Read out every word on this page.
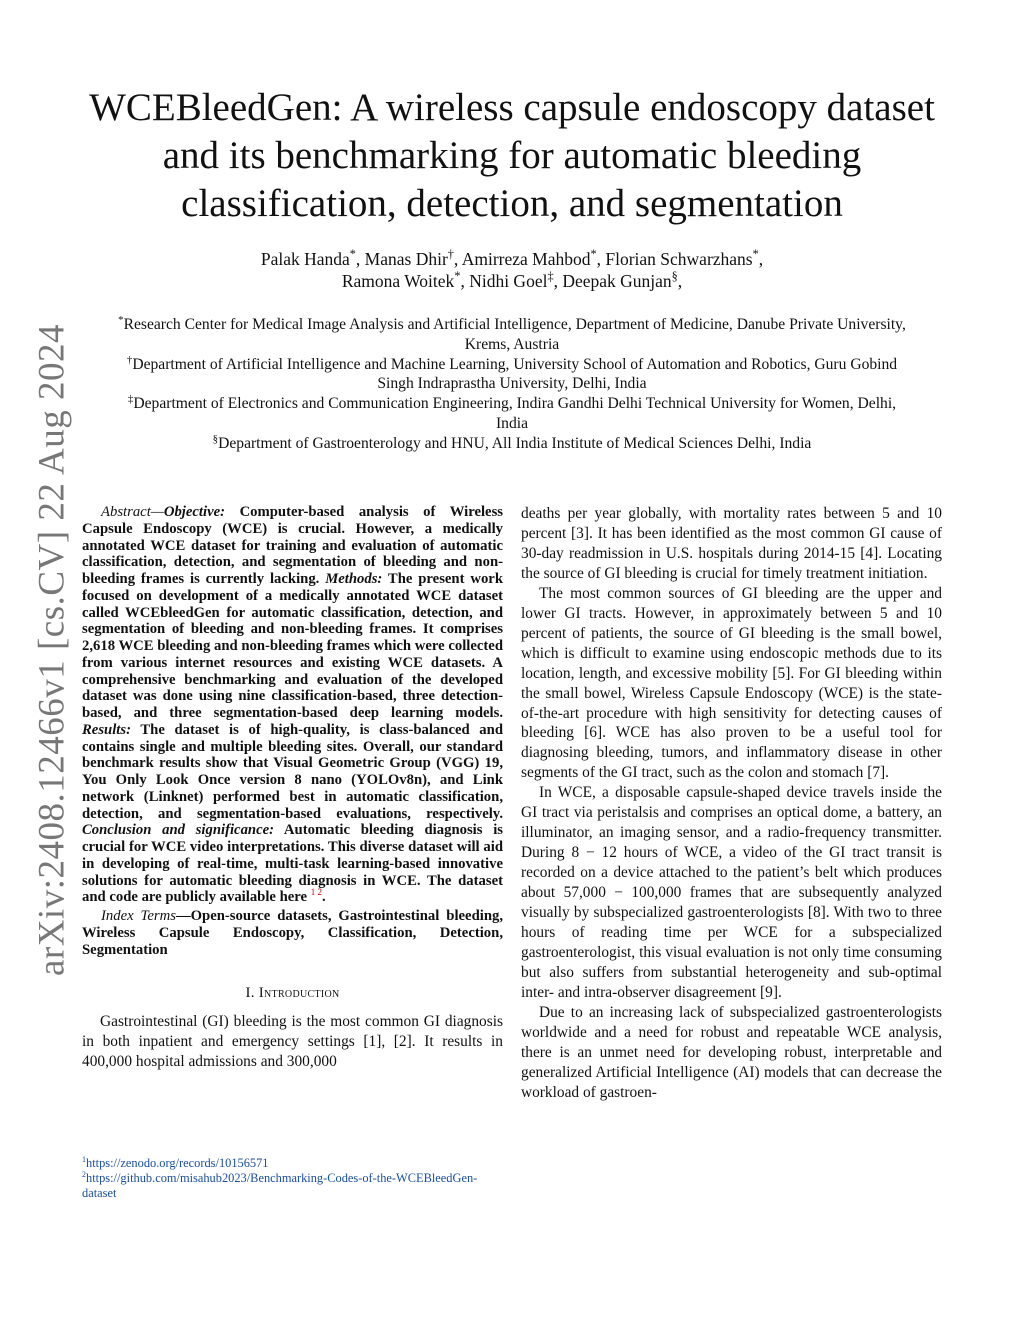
arXiv:2408.12466v1 [cs.CV] 22 Aug 2024
WCEBleedGen: A wireless capsule endoscopy dataset and its benchmarking for automatic bleeding classification, detection, and segmentation
Palak Handa*, Manas Dhir†, Amirreza Mahbod*, Florian Schwarzhans*,
Ramona Woitek*, Nidhi Goel‡, Deepak Gunjan§,
*Research Center for Medical Image Analysis and Artificial Intelligence, Department of Medicine, Danube Private University, Krems, Austria
†Department of Artificial Intelligence and Machine Learning, University School of Automation and Robotics, Guru Gobind Singh Indraprastha University, Delhi, India
‡Department of Electronics and Communication Engineering, Indira Gandhi Delhi Technical University for Women, Delhi, India
§Department of Gastroenterology and HNU, All India Institute of Medical Sciences Delhi, India

Abstract—Objective: Computer-based analysis of Wireless Capsule Endoscopy (WCE) is crucial. However, a medically annotated WCE dataset for training and evaluation of automatic classification, detection, and segmentation of bleeding and non-bleeding frames is currently lacking. Methods: The present work focused on development of a medically annotated WCE dataset called WCEbleedGen for automatic classification, detection, and segmentation of bleeding and non-bleeding frames. It comprises 2,618 WCE bleeding and non-bleeding frames which were collected from various internet resources and existing WCE datasets. A comprehensive benchmarking and evaluation of the developed dataset was done using nine classification-based, three detection-based, and three segmentation-based deep learning models. Results: The dataset is of high-quality, is class-balanced and contains single and multiple bleeding sites. Overall, our standard benchmark results show that Visual Geometric Group (VGG) 19, You Only Look Once version 8 nano (YOLOv8n), and Link network (Linknet) performed best in automatic classification, detection, and segmentation-based evaluations, respectively. Conclusion and significance: Automatic bleeding diagnosis is crucial for WCE video interpretations. This diverse dataset will aid in developing of real-time, multi-task learning-based innovative solutions for automatic bleeding diagnosis in WCE. The dataset and code are publicly available here $^{1 2}$.

Index Terms—Open-source datasets, Gastrointestinal bleeding, Wireless Capsule Endoscopy, Classification, Detection, Segmentation

I. Introduction

Gastrointestinal (GI) bleeding is the most common GI diagnosis in both inpatient and emergency settings [1], [2]. It results in 400,000 hospital admissions and 300,000

deaths per year globally, with mortality rates between 5 and 10 percent [3]. It has been identified as the most common GI cause of 30-day readmission in U.S. hospitals during 2014-15 [4]. Locating the source of GI bleeding is crucial for timely treatment initiation.

The most common sources of GI bleeding are the upper and lower GI tracts. However, in approximately between 5 and 10 percent of patients, the source of GI bleeding is the small bowel, which is difficult to examine using endoscopic methods due to its location, length, and excessive mobility [5]. For GI bleeding within the small bowel, Wireless Capsule Endoscopy (WCE) is the state-of-the-art procedure with high sensitivity for detecting causes of bleeding [6]. WCE has also proven to be a useful tool for diagnosing bleeding, tumors, and inflammatory disease in other segments of the GI tract, such as the colon and stomach [7].

In WCE, a disposable capsule-shaped device travels inside the GI tract via peristalsis and comprises an optical dome, a battery, an illuminator, an imaging sensor, and a radio-frequency transmitter. During 8 − 12 hours of WCE, a video of the GI tract transit is recorded on a device attached to the patient’s belt which produces about 57,000 − 100,000 frames that are subsequently analyzed visually by subspecialized gastroenterologists [8]. With two to three hours of reading time per WCE for a subspecialized gastroenterologist, this visual evaluation is not only time consuming but also suffers from substantial heterogeneity and sub-optimal inter- and intra-observer disagreement [9].

Due to an increasing lack of subspecialized gastroenterologists worldwide and a need for robust and repeatable WCE analysis, there is an unmet need for developing robust, interpretable and generalized Artificial Intelligence (AI) models that can decrease the workload of gastroen-

$^1$https://zenodo.org/records/10156571

$^2$https://github.com/misahub2023/Benchmarking-Codes-of-the-WCEBleedGen-dataset
